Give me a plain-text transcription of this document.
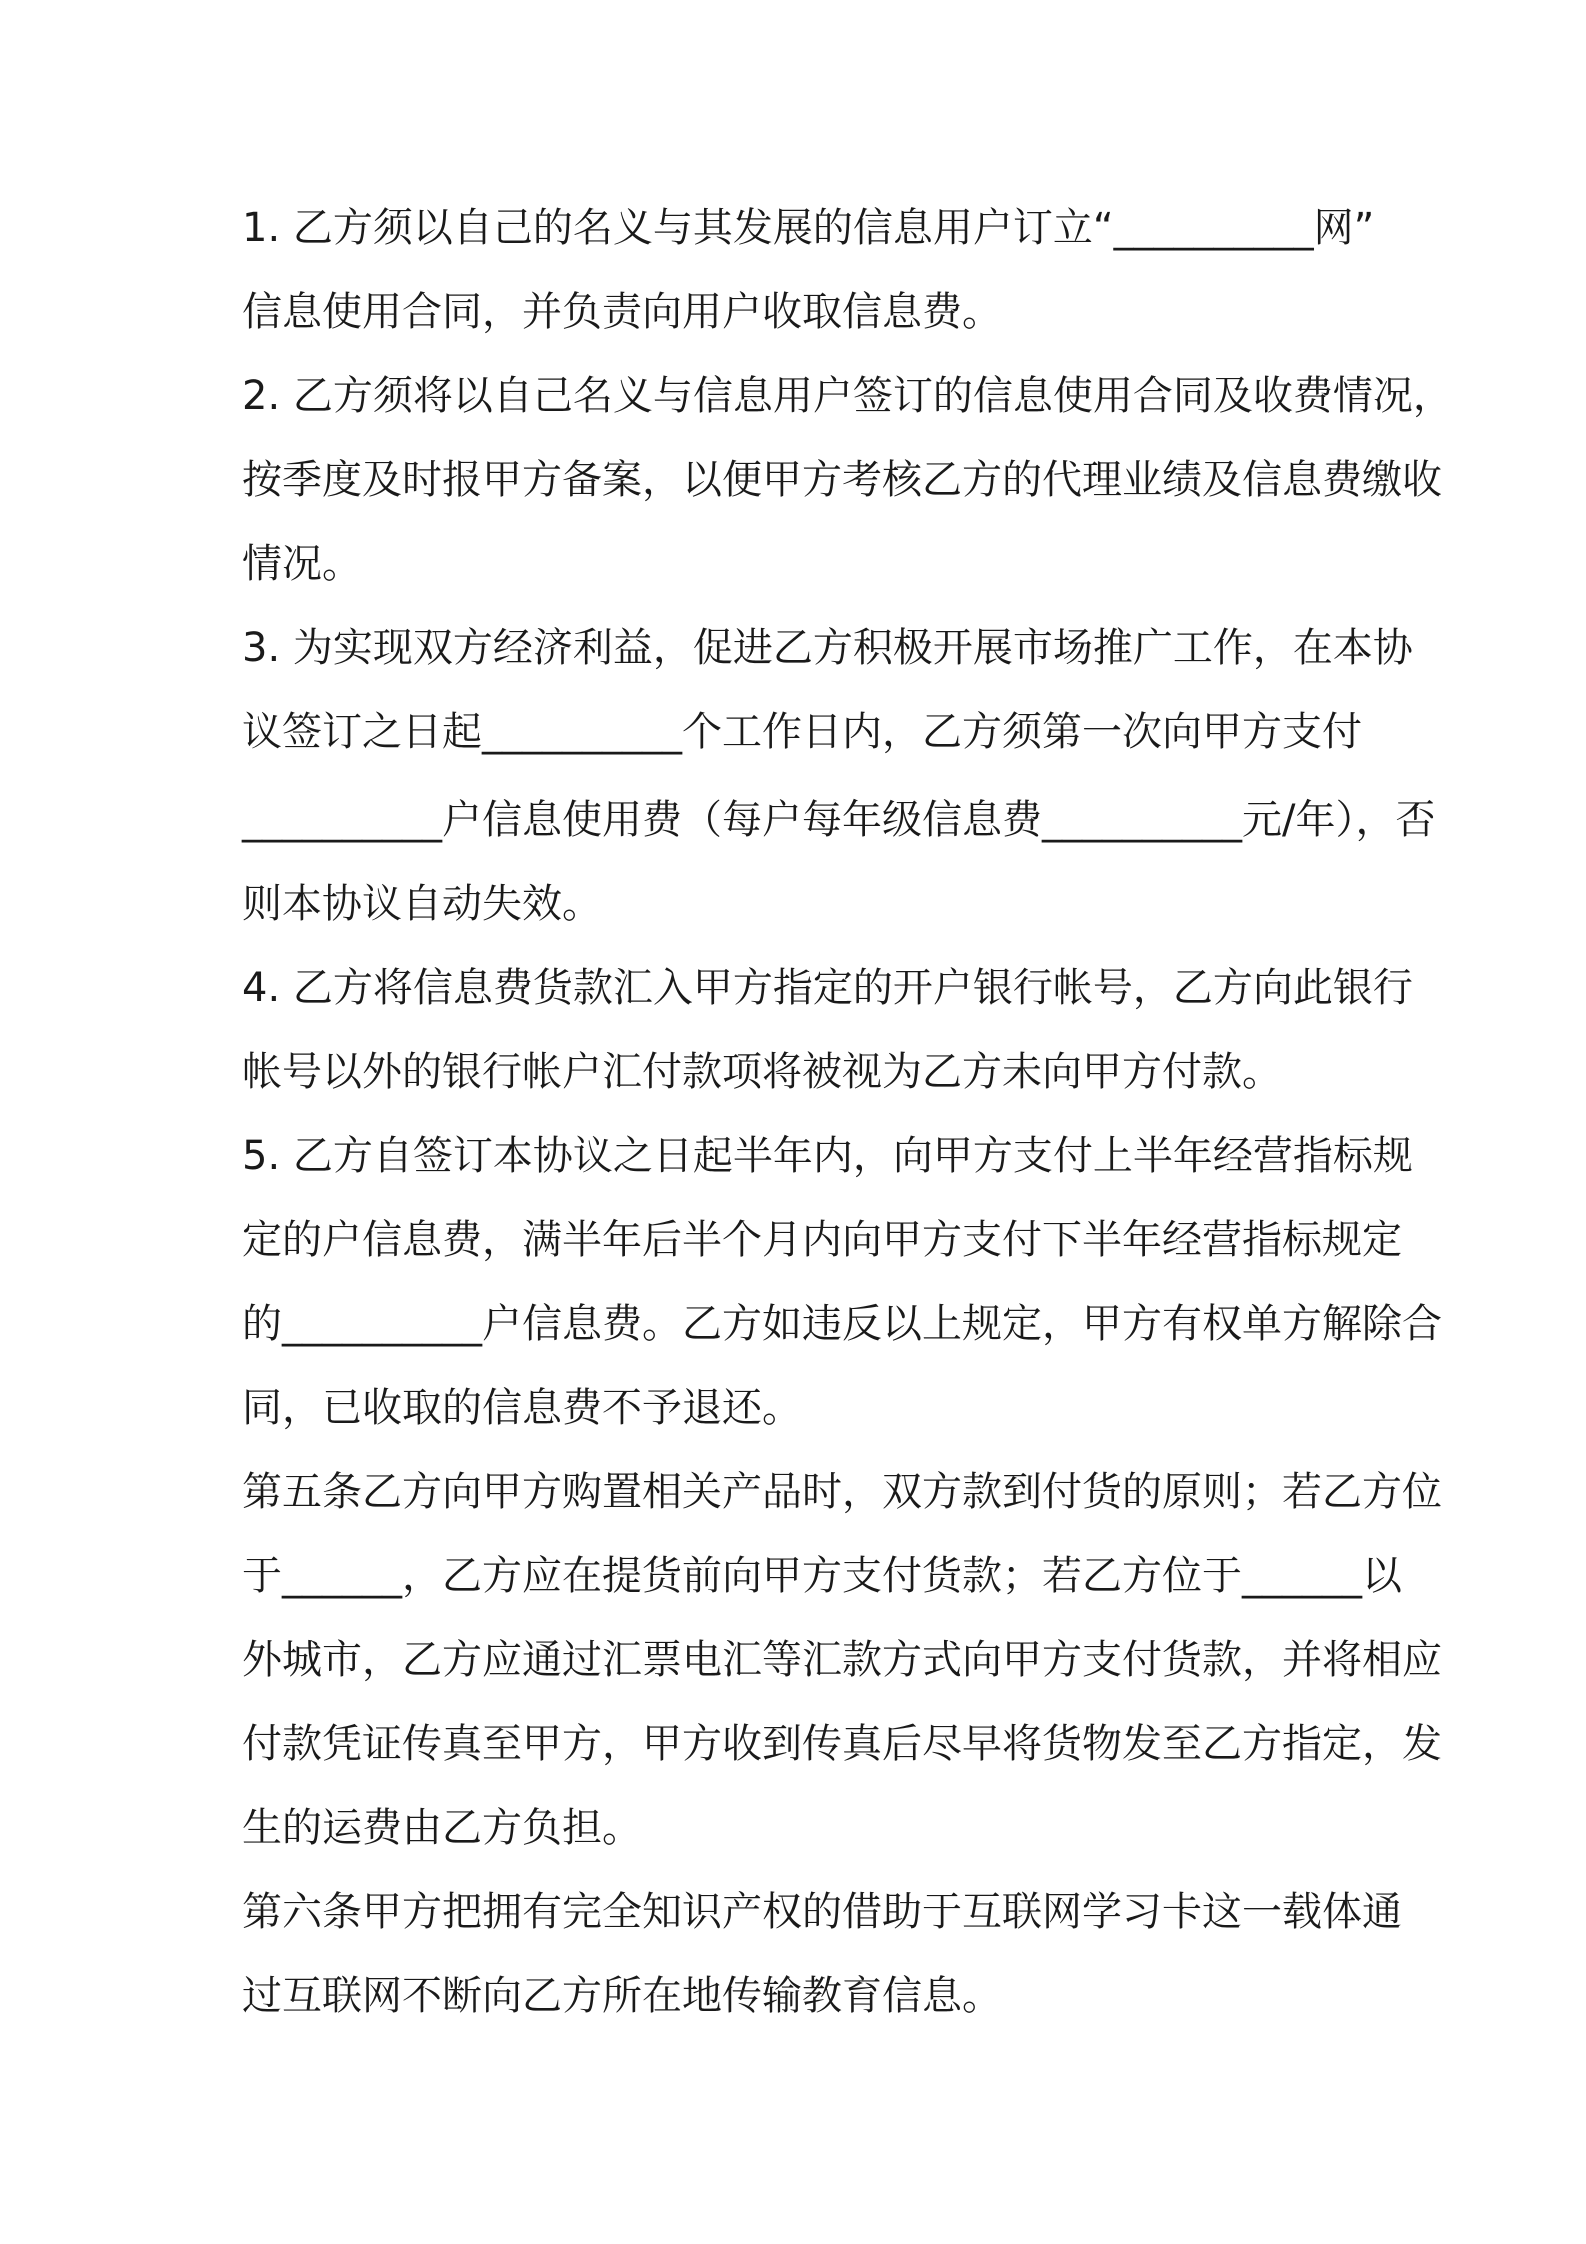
1. 乙方须以自己的名义与其发展的信息用户订立“__________网”
信息使用合同，并负责向用户收取信息费。
2. 乙方须将以自己名义与信息用户签订的信息使用合同及收费情况，
按季度及时报甲方备案，以便甲方考核乙方的代理业绩及信息费缴收
情况。
3. 为实现双方经济利益，促进乙方积极开展市场推广工作，在本协
议签订之日起__________个工作日内，乙方须第一次向甲方支付
__________户信息使用费（每户每年级信息费__________元/年），否
则本协议自动失效。
4. 乙方将信息费货款汇入甲方指定的开户银行帐号，乙方向此银行
帐号以外的银行帐户汇付款项将被视为乙方未向甲方付款。
5. 乙方自签订本协议之日起半年内，向甲方支付上半年经营指标规
定的户信息费，满半年后半个月内向甲方支付下半年经营指标规定
的__________户信息费。乙方如违反以上规定，甲方有权单方解除合
同，已收取的信息费不予退还。
第五条乙方向甲方购置相关产品时，双方款到付货的原则；若乙方位
于______，乙方应在提货前向甲方支付货款；若乙方位于______以
外城市，乙方应通过汇票电汇等汇款方式向甲方支付货款，并将相应
付款凭证传真至甲方，甲方收到传真后尽早将货物发至乙方指定，发
生的运费由乙方负担。
第六条甲方把拥有完全知识产权的借助于互联网学习卡这一载体通
过互联网不断向乙方所在地传输教育信息。
